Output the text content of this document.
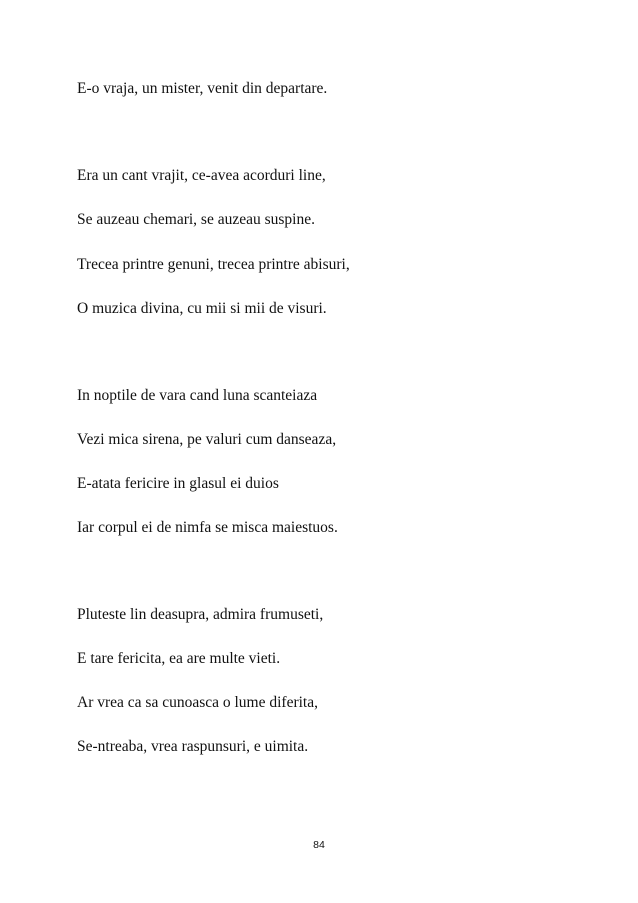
E-o vraja, un mister, venit din departare.
Era un cant vrajit, ce-avea acorduri line,
Se auzeau chemari, se auzeau suspine.
Trecea printre genuni, trecea printre abisuri,
O muzica divina, cu mii si mii de visuri.
In noptile de vara cand luna scanteiaza
Vezi mica sirena, pe valuri cum danseaza,
E-atata fericire in glasul ei duios
Iar corpul ei de nimfa se misca maiestuos.
Pluteste lin deasupra, admira frumuseti,
E tare fericita, ea are multe vieti.
Ar vrea ca sa cunoasca o lume diferita,
Se-ntreaba, vrea raspunsuri, e uimita.
84
